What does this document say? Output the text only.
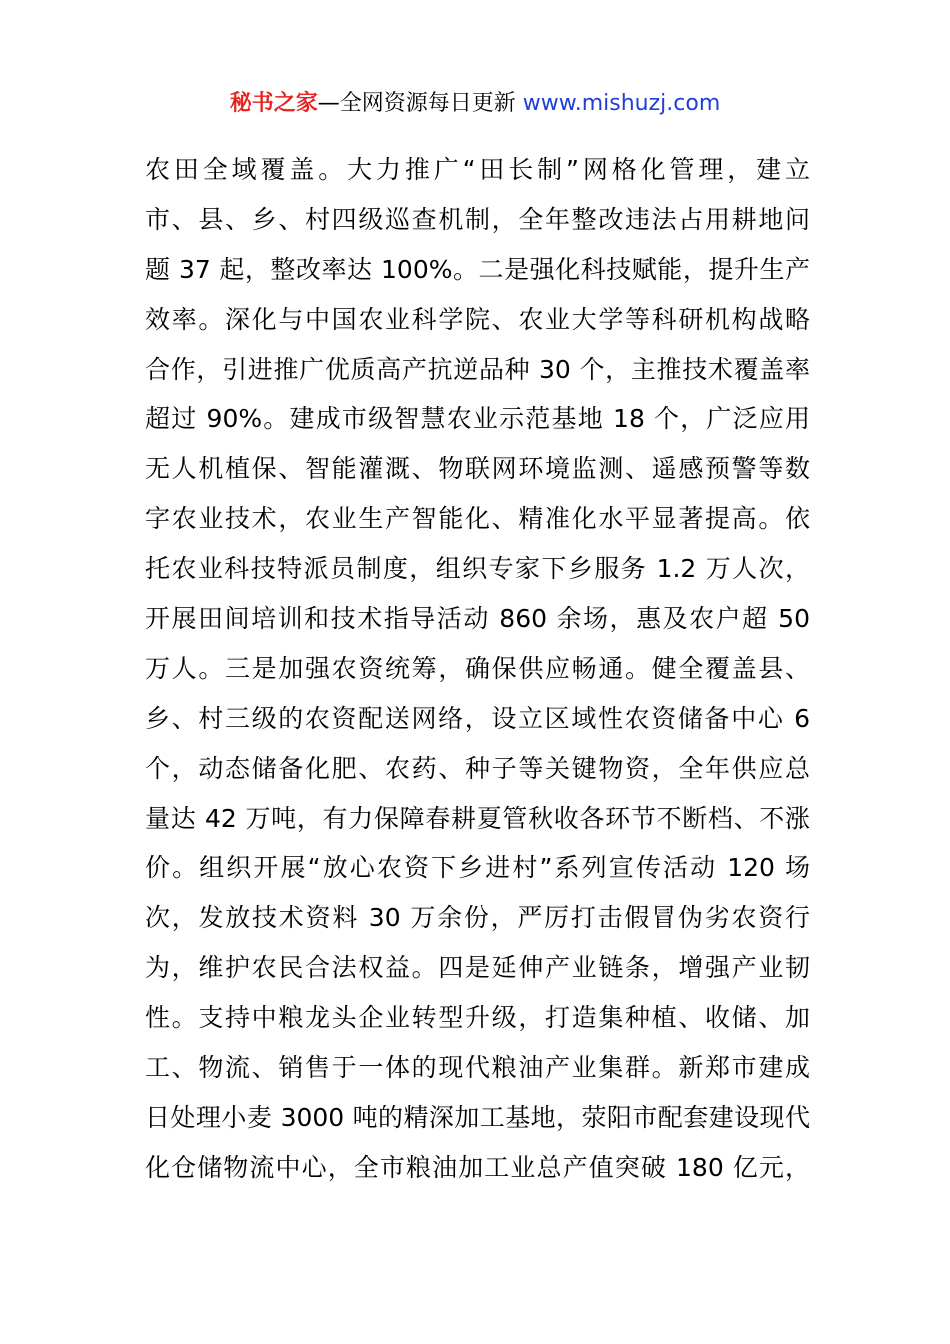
秘书之家—全网资源每日更新 www.mishuzj.com
农田全域覆盖。大力推广“田长制”网格化管理，建立
市、县、乡、村四级巡查机制，全年整改违法占用耕地问
题 37 起，整改率达 100%。二是强化科技赋能，提升生产
效率。深化与中国农业科学院、农业大学等科研机构战略
合作，引进推广优质高产抗逆品种 30 个，主推技术覆盖率
超过 90%。建成市级智慧农业示范基地 18 个，广泛应用
无人机植保、智能灌溉、物联网环境监测、遥感预警等数
字农业技术，农业生产智能化、精准化水平显著提高。依
托农业科技特派员制度，组织专家下乡服务 1.2 万人次，
开展田间培训和技术指导活动 860 余场，惠及农户超 50
万人。三是加强农资统筹，确保供应畅通。健全覆盖县、
乡、村三级的农资配送网络，设立区域性农资储备中心 6
个，动态储备化肥、农药、种子等关键物资，全年供应总
量达 42 万吨，有力保障春耕夏管秋收各环节不断档、不涨
价。组织开展“放心农资下乡进村”系列宣传活动 120 场
次，发放技术资料 30 万余份，严厉打击假冒伪劣农资行
为，维护农民合法权益。四是延伸产业链条，增强产业韧
性。支持中粮龙头企业转型升级，打造集种植、收储、加
工、物流、销售于一体的现代粮油产业集群。新郑市建成
日处理小麦 3000 吨的精深加工基地，荥阳市配套建设现代
化仓储物流中心，全市粮油加工业总产值突破 180 亿元，
